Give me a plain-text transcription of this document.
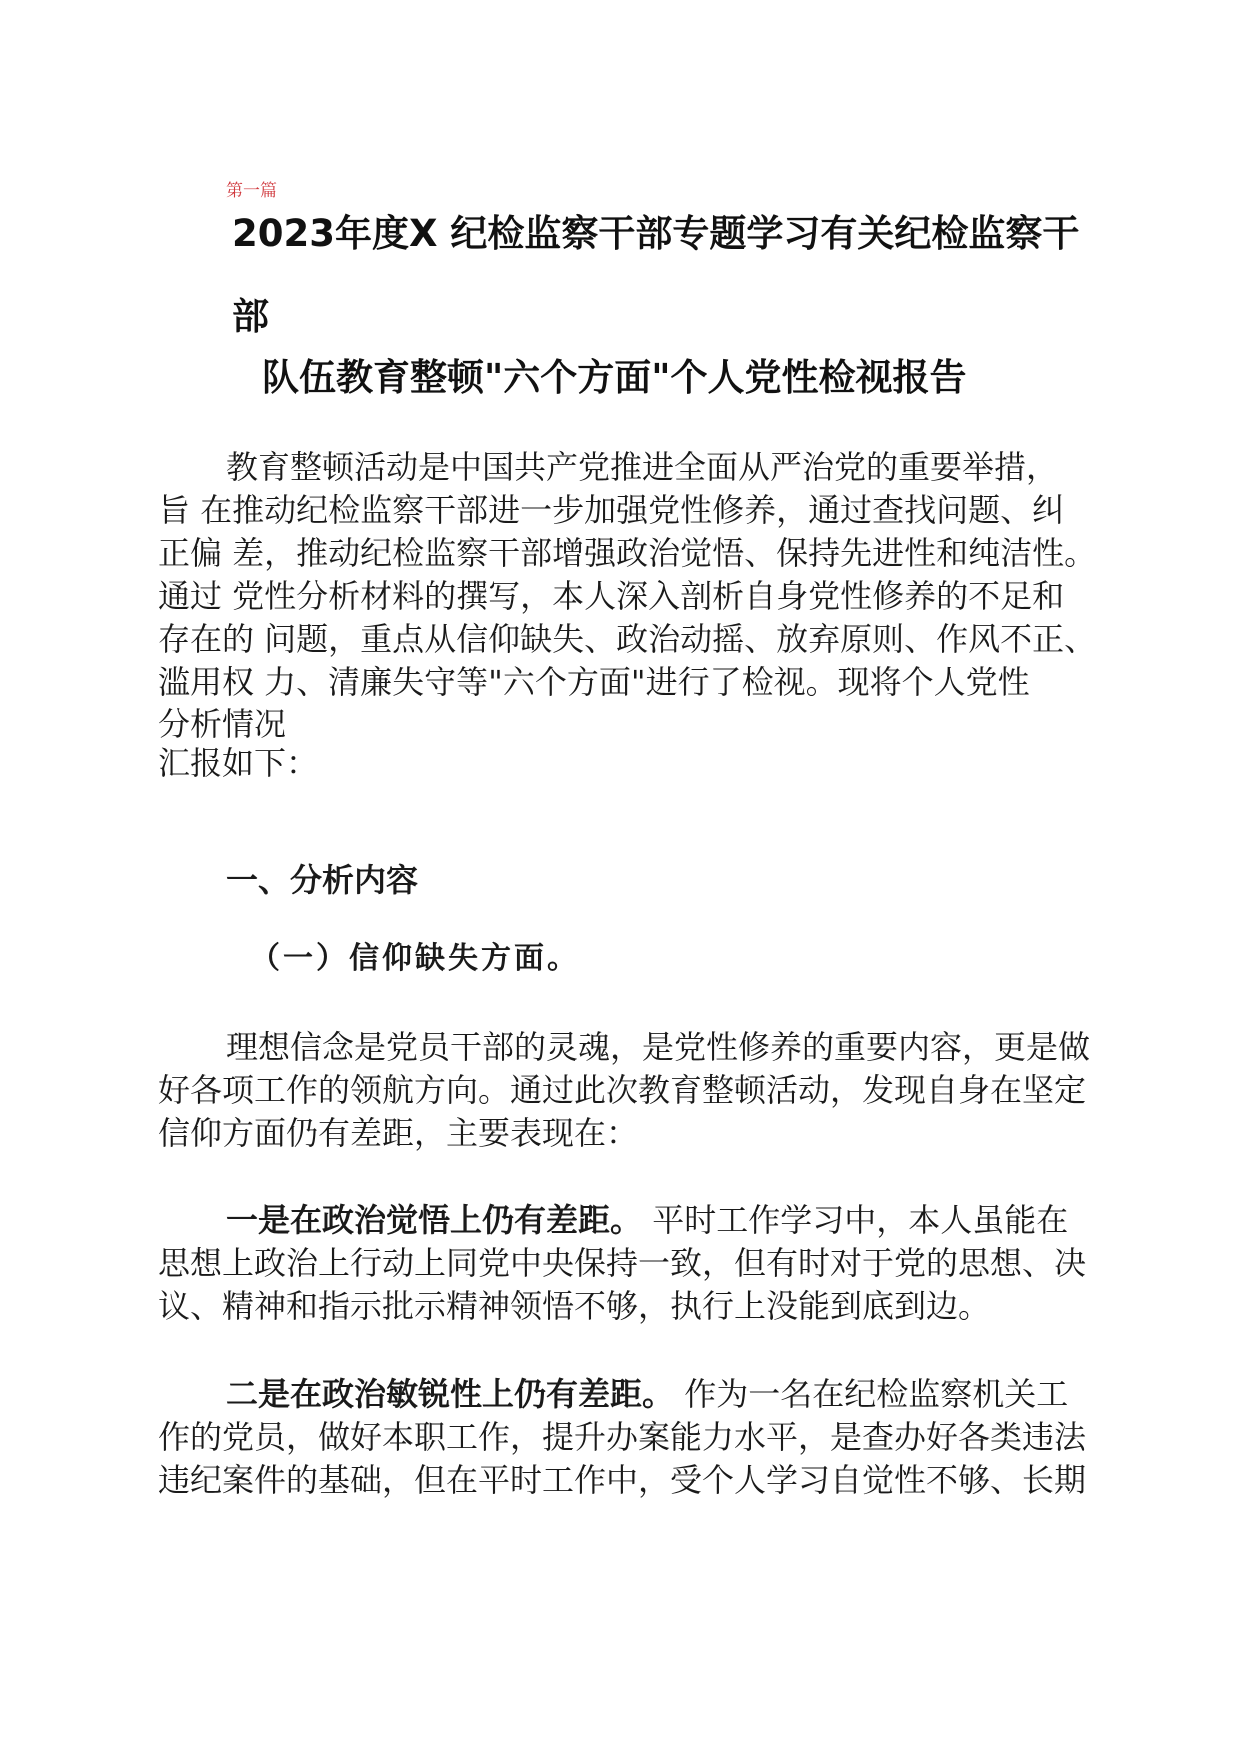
第一篇
2023年度X 纪检监察干部专题学习有关纪检监察干
部
队伍教育整顿"六个方面"个人党性检视报告
教育整顿活动是中国共产党推进全面从严治党的重要举措，
旨 在推动纪检监察干部进一步加强党性修养，通过查找问题、纠
正偏 差，推动纪检监察干部增强政治觉悟、保持先进性和纯洁性。
通过 党性分析材料的撰写，本人深入剖析自身党性修养的不足和
存在的 问题，重点从信仰缺失、政治动摇、放弃原则、作风不正、
滥用权 力、清廉失守等"六个方面"进行了检视。现将个人党性
分析情况
汇报如下：
一、分析内容
（一）信仰缺失方面。
理想信念是党员干部的灵魂，是党性修养的重要内容，更是做
好各项工作的领航方向。通过此次教育整顿活动，发现自身在坚定
信仰方面仍有差距，主要表现在：
一是在政治觉悟上仍有差距。 平时工作学习中，本人虽能在
思想上政治上行动上同党中央保持一致，但有时对于党的思想、决
议、精神和指示批示精神领悟不够，执行上没能到底到边。
二是在政治敏锐性上仍有差距。 作为一名在纪检监察机关工
作的党员，做好本职工作，提升办案能力水平，是查办好各类违法
违纪案件的基础，但在平时工作中，受个人学习自觉性不够、长期
